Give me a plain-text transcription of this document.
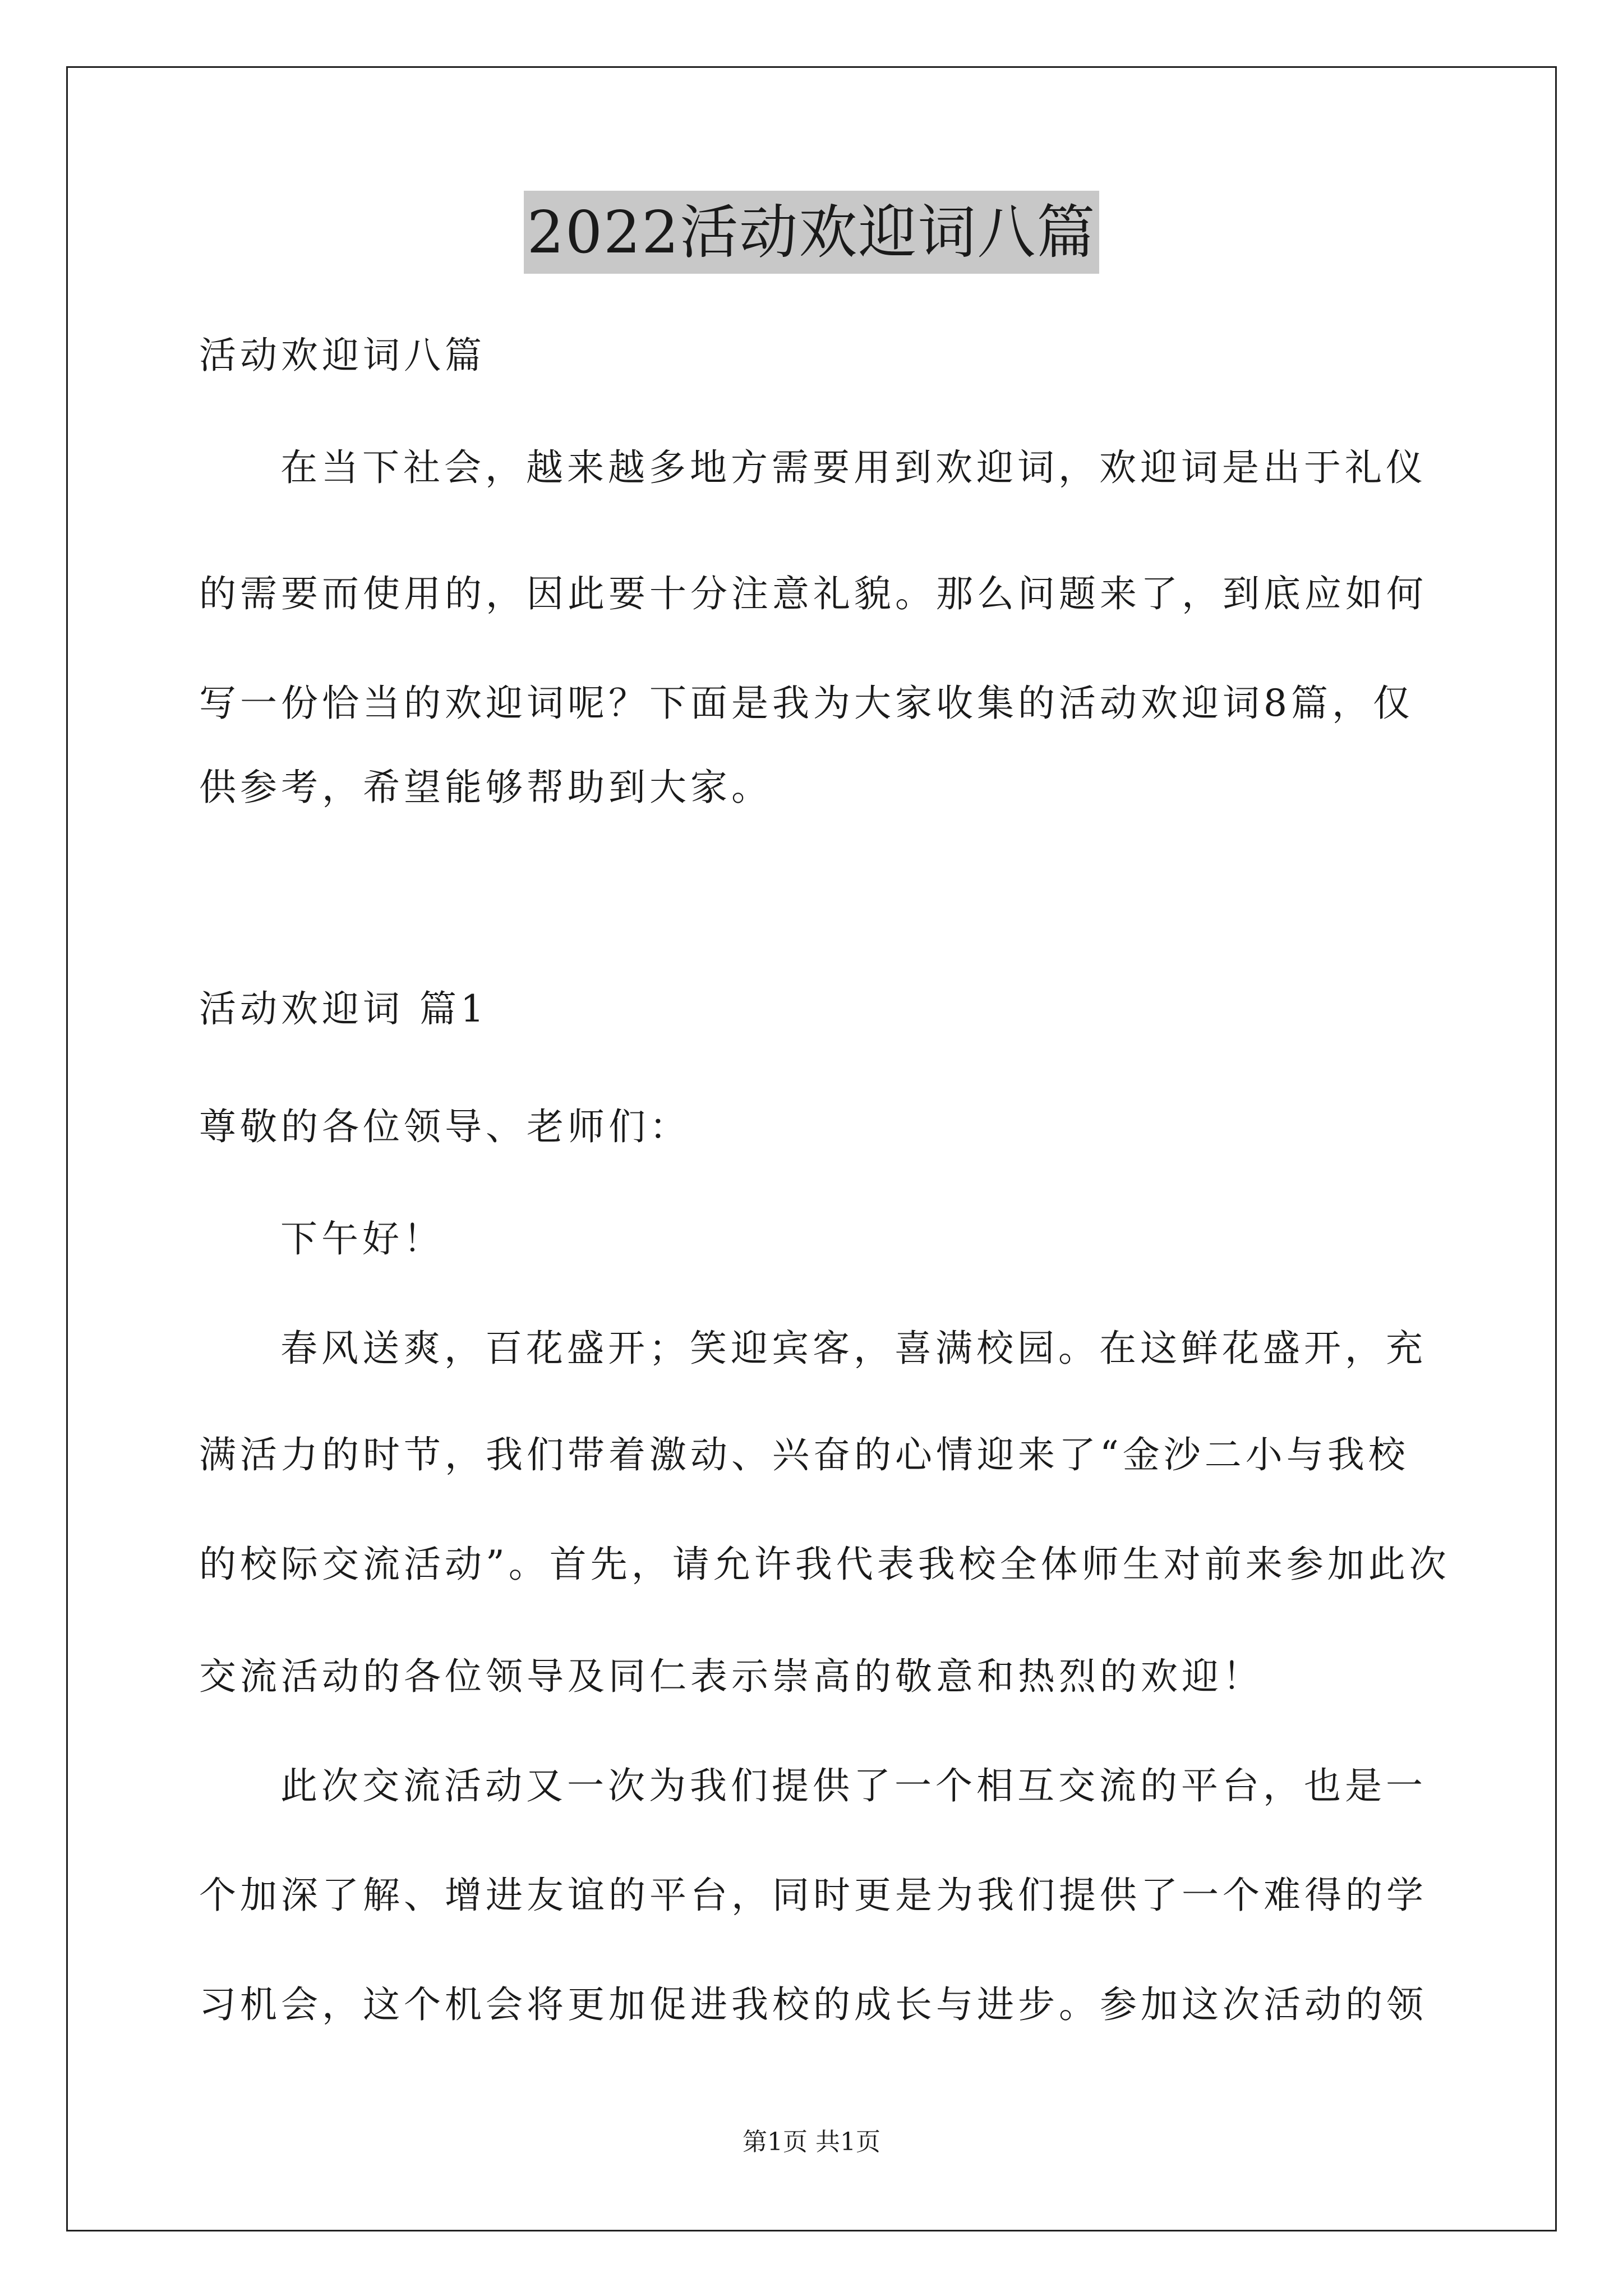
2022活动欢迎词八篇
活动欢迎词八篇
在当下社会，越来越多地方需要用到欢迎词，欢迎词是出于礼仪
的需要而使用的，因此要十分注意礼貌。那么问题来了，到底应如何
写一份恰当的欢迎词呢？下面是我为大家收集的活动欢迎词8篇，仅
供参考，希望能够帮助到大家。
活动欢迎词 篇1
尊敬的各位领导、老师们：
下午好！
春风送爽，百花盛开；笑迎宾客，喜满校园。在这鲜花盛开，充
满活力的时节，我们带着激动、兴奋的心情迎来了“金沙二小与我校
的校际交流活动”。首先，请允许我代表我校全体师生对前来参加此次
交流活动的各位领导及同仁表示崇高的敬意和热烈的欢迎！
此次交流活动又一次为我们提供了一个相互交流的平台，也是一
个加深了解、增进友谊的平台，同时更是为我们提供了一个难得的学
习机会，这个机会将更加促进我校的成长与进步。参加这次活动的领
第1页 共1页
